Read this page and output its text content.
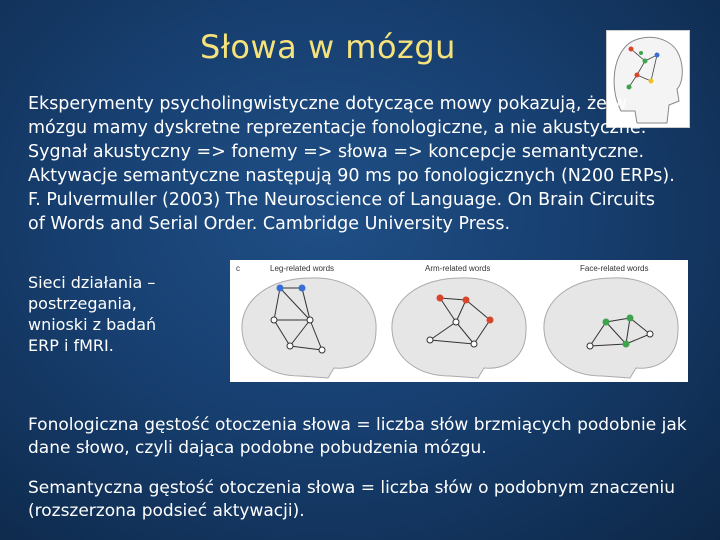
Słowa w mózgu

Eksperymenty psycholingwistyczne dotyczące mowy pokazują, że w

mózgu mamy dyskretne reprezentacje fonologiczne, a nie akustyczne.

Sygnał akustyczny => fonemy => słowa => koncepcje semantyczne.

Aktywacje semantyczne następują 90 ms po fonologicznych (N200 ERPs).

F. Pulvermuller (2003) The Neuroscience of Language. On Brain Circuits

of Words and Serial Order. Cambridge University Press.

Sieci działania –
postrzegania,
wnioski z badań
ERP i fMRI.
c	Leg-related words	Arm-related words	Face-related words
Fonologiczna gęstość otoczenia słowa = liczba słów brzmiących podobnie jak dane słowo, czyli dająca podobne pobudzenia mózgu.
Semantyczna gęstość otoczenia słowa = liczba słów o podobnym znaczeniu (rozszerzona podsieć aktywacji).
